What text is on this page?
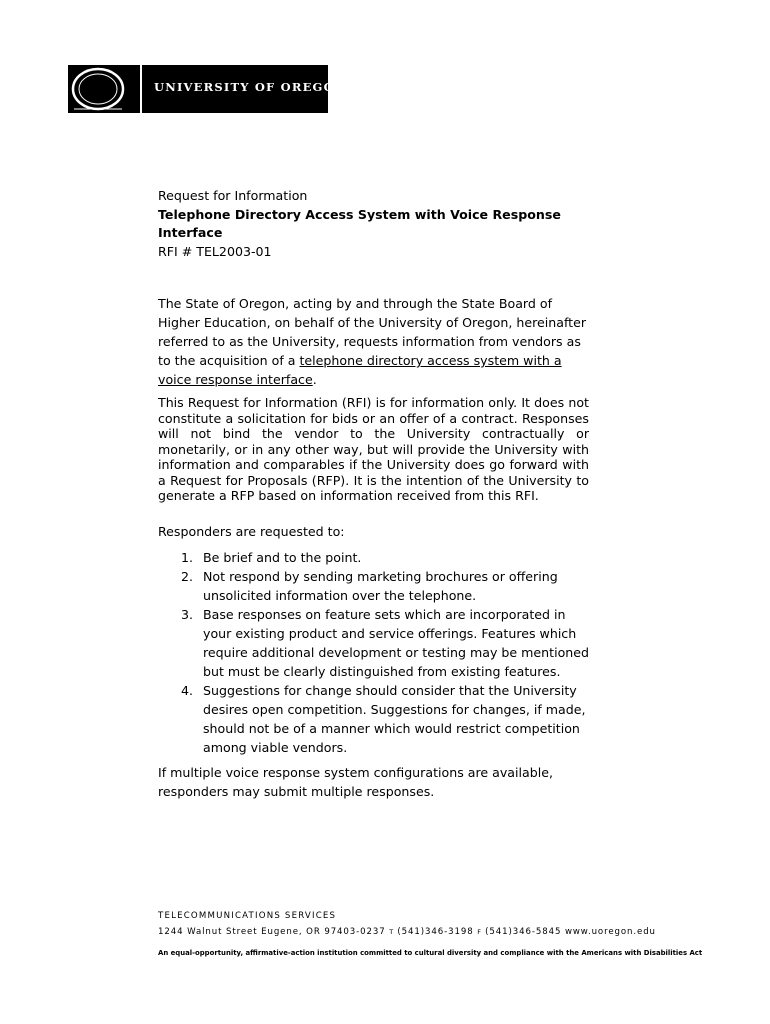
UNIVERSITY OF OREGON

Request for Information

Telephone Directory Access System with Voice Response Interface

RFI # TEL2003-01

The State of Oregon, acting by and through the State Board of Higher Education, on behalf of the University of Oregon, hereinafter referred to as the University, requests information from vendors as to the acquisition of a telephone directory access system with a voice response interface.

This Request for Information (RFI) is for information only. It does not constitute a solicitation for bids or an offer of a contract. Responses will not bind the vendor to the University contractually or monetarily, or in any other way, but will provide the University with information and comparables if the University does go forward with a Request for Proposals (RFP). It is the intention of the University to generate a RFP based on information received from this RFI.

Responders are requested to:

1. Be brief and to the point.
2. Not respond by sending marketing brochures or offering unsolicited information over the telephone.
3. Base responses on feature sets which are incorporated in your existing product and service offerings. Features which require additional development or testing may be mentioned but must be clearly distinguished from existing features.
4. Suggestions for change should consider that the University desires open competition. Suggestions for changes, if made, should not be of a manner which would restrict competition among viable vendors.

If multiple voice response system configurations are available, responders may submit multiple responses.

TELECOMMUNICATIONS SERVICES
1244 Walnut Street Eugene, OR 97403-0237 T (541)346-3198 F (541)346-5845 www.uoregon.edu
An equal-opportunity, affirmative-action institution committed to cultural diversity and compliance with the Americans with Disabilities Act
